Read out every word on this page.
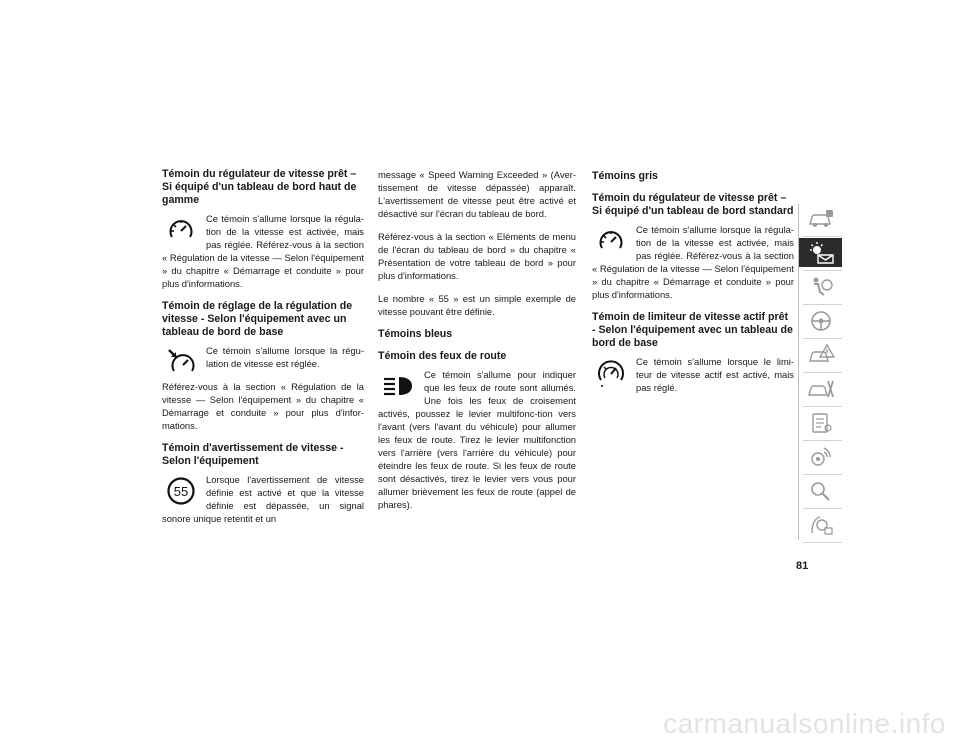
Témoin du régulateur de vitesse prêt – Si équipé d'un tableau de bord haut de gamme

Ce témoin s'allume lorsque la régula-tion de la vitesse est activée, mais pas réglée. Référez-vous à la section « Régulation de la vitesse — Selon l'équipement » du chapitre « Démarrage et conduite » pour plus d'informations.

Témoin de réglage de la régulation de vitesse - Selon l'équipement avec un tableau de bord de base

Ce témoin s'allume lorsque la régu-lation de vitesse est réglée.

Référez-vous à la section « Régulation de la vitesse — Selon l'équipement » du chapitre « Démarrage et conduite » pour plus d'infor-mations.

Témoin d'avertissement de vitesse - Selon l'équipement
55

Lorsque l'avertissement de vitesse définie est activé et que la vitesse définie est dépassée, un signal sonore unique retentit et un

message « Speed Warning Exceeded » (Aver-tissement de vitesse dépassée) apparaît. L'avertissement de vitesse peut être activé et désactivé sur l'écran du tableau de bord.

Référez-vous à la section « Eléments de menu de l'écran du tableau de bord » du chapitre « Présentation de votre tableau de bord » pour plus d'informations.

Le nombre « 55 » est un simple exemple de vitesse pouvant être définie.

Témoins bleus
Témoin des feux de route

Ce témoin s'allume pour indiquer que les feux de route sont allumés. Une fois les feux de croisement activés, poussez le levier multifonc-tion vers l'avant (vers l'avant du véhicule) pour allumer les feux de route. Tirez le levier multifonction vers l'arrière (vers l'arrière du véhicule) pour éteindre les feux de route. Si les feux de route sont désactivés, tirez le levier vers vous pour allumer brièvement les feux de route (appel de phares).

Témoins gris
Témoin du régulateur de vitesse prêt – Si équipé d'un tableau de bord standard

Ce témoin s'allume lorsque la régula-tion de la vitesse est activée, mais pas réglée. Référez-vous à la section « Régulation de la vitesse — Selon l'équipement » du chapitre « Démarrage et conduite » pour plus d'informations.

Témoin de limiteur de vitesse actif prêt - Selon l'équipement avec un tableau de bord de base

Ce témoin s'allume lorsque le limi-teur de vitesse actif est activé, mais pas réglé.

81
carmanualsonline.info
